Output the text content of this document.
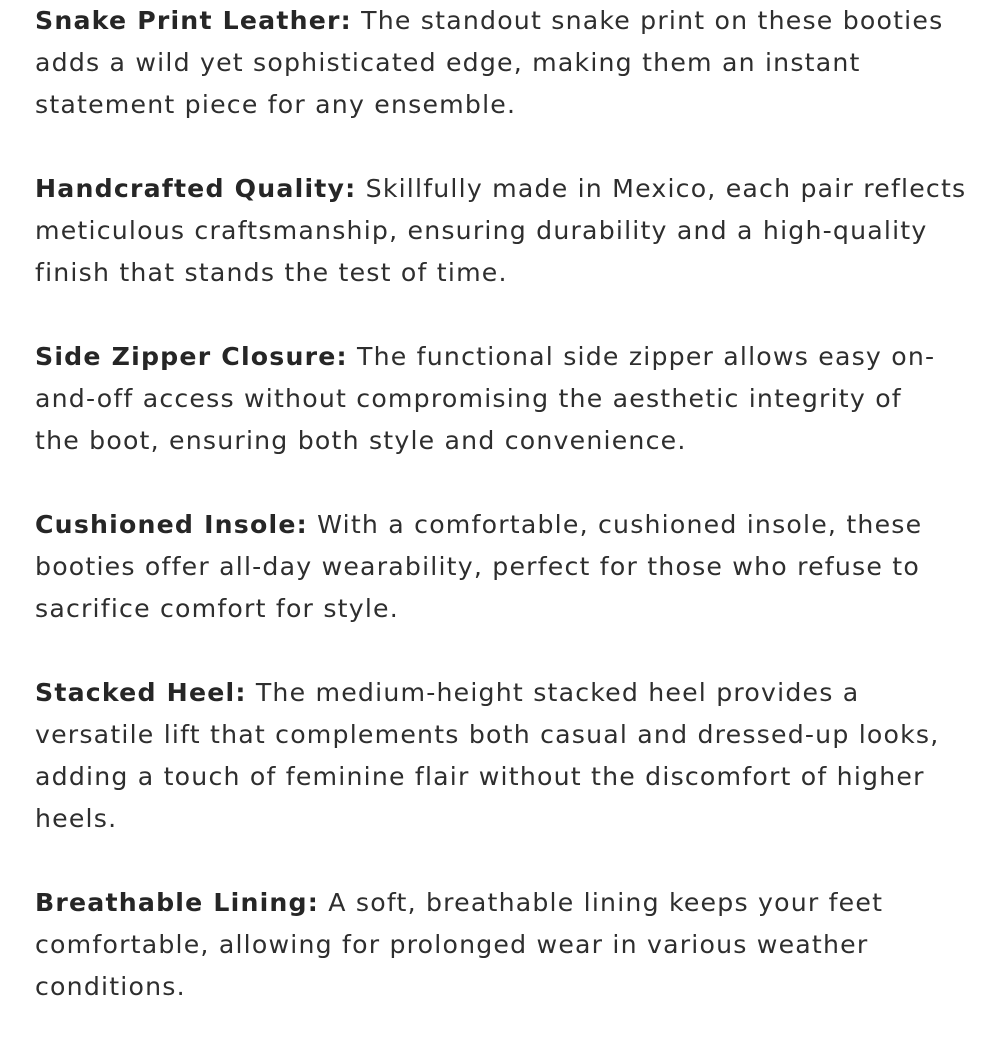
Snake Print Leather: The standout snake print on these booties
adds a wild yet sophisticated edge, making them an instant
statement piece for any ensemble.
Handcrafted Quality: Skillfully made in Mexico, each pair reflects
meticulous craftsmanship, ensuring durability and a high-quality
finish that stands the test of time.
Side Zipper Closure: The functional side zipper allows easy on-
and-off access without compromising the aesthetic integrity of
the boot, ensuring both style and convenience.
Cushioned Insole: With a comfortable, cushioned insole, these
booties offer all-day wearability, perfect for those who refuse to
sacrifice comfort for style.
Stacked Heel: The medium-height stacked heel provides a
versatile lift that complements both casual and dressed-up looks,
adding a touch of feminine flair without the discomfort of higher
heels.
Breathable Lining: A soft, breathable lining keeps your feet
comfortable, allowing for prolonged wear in various weather
conditions.
